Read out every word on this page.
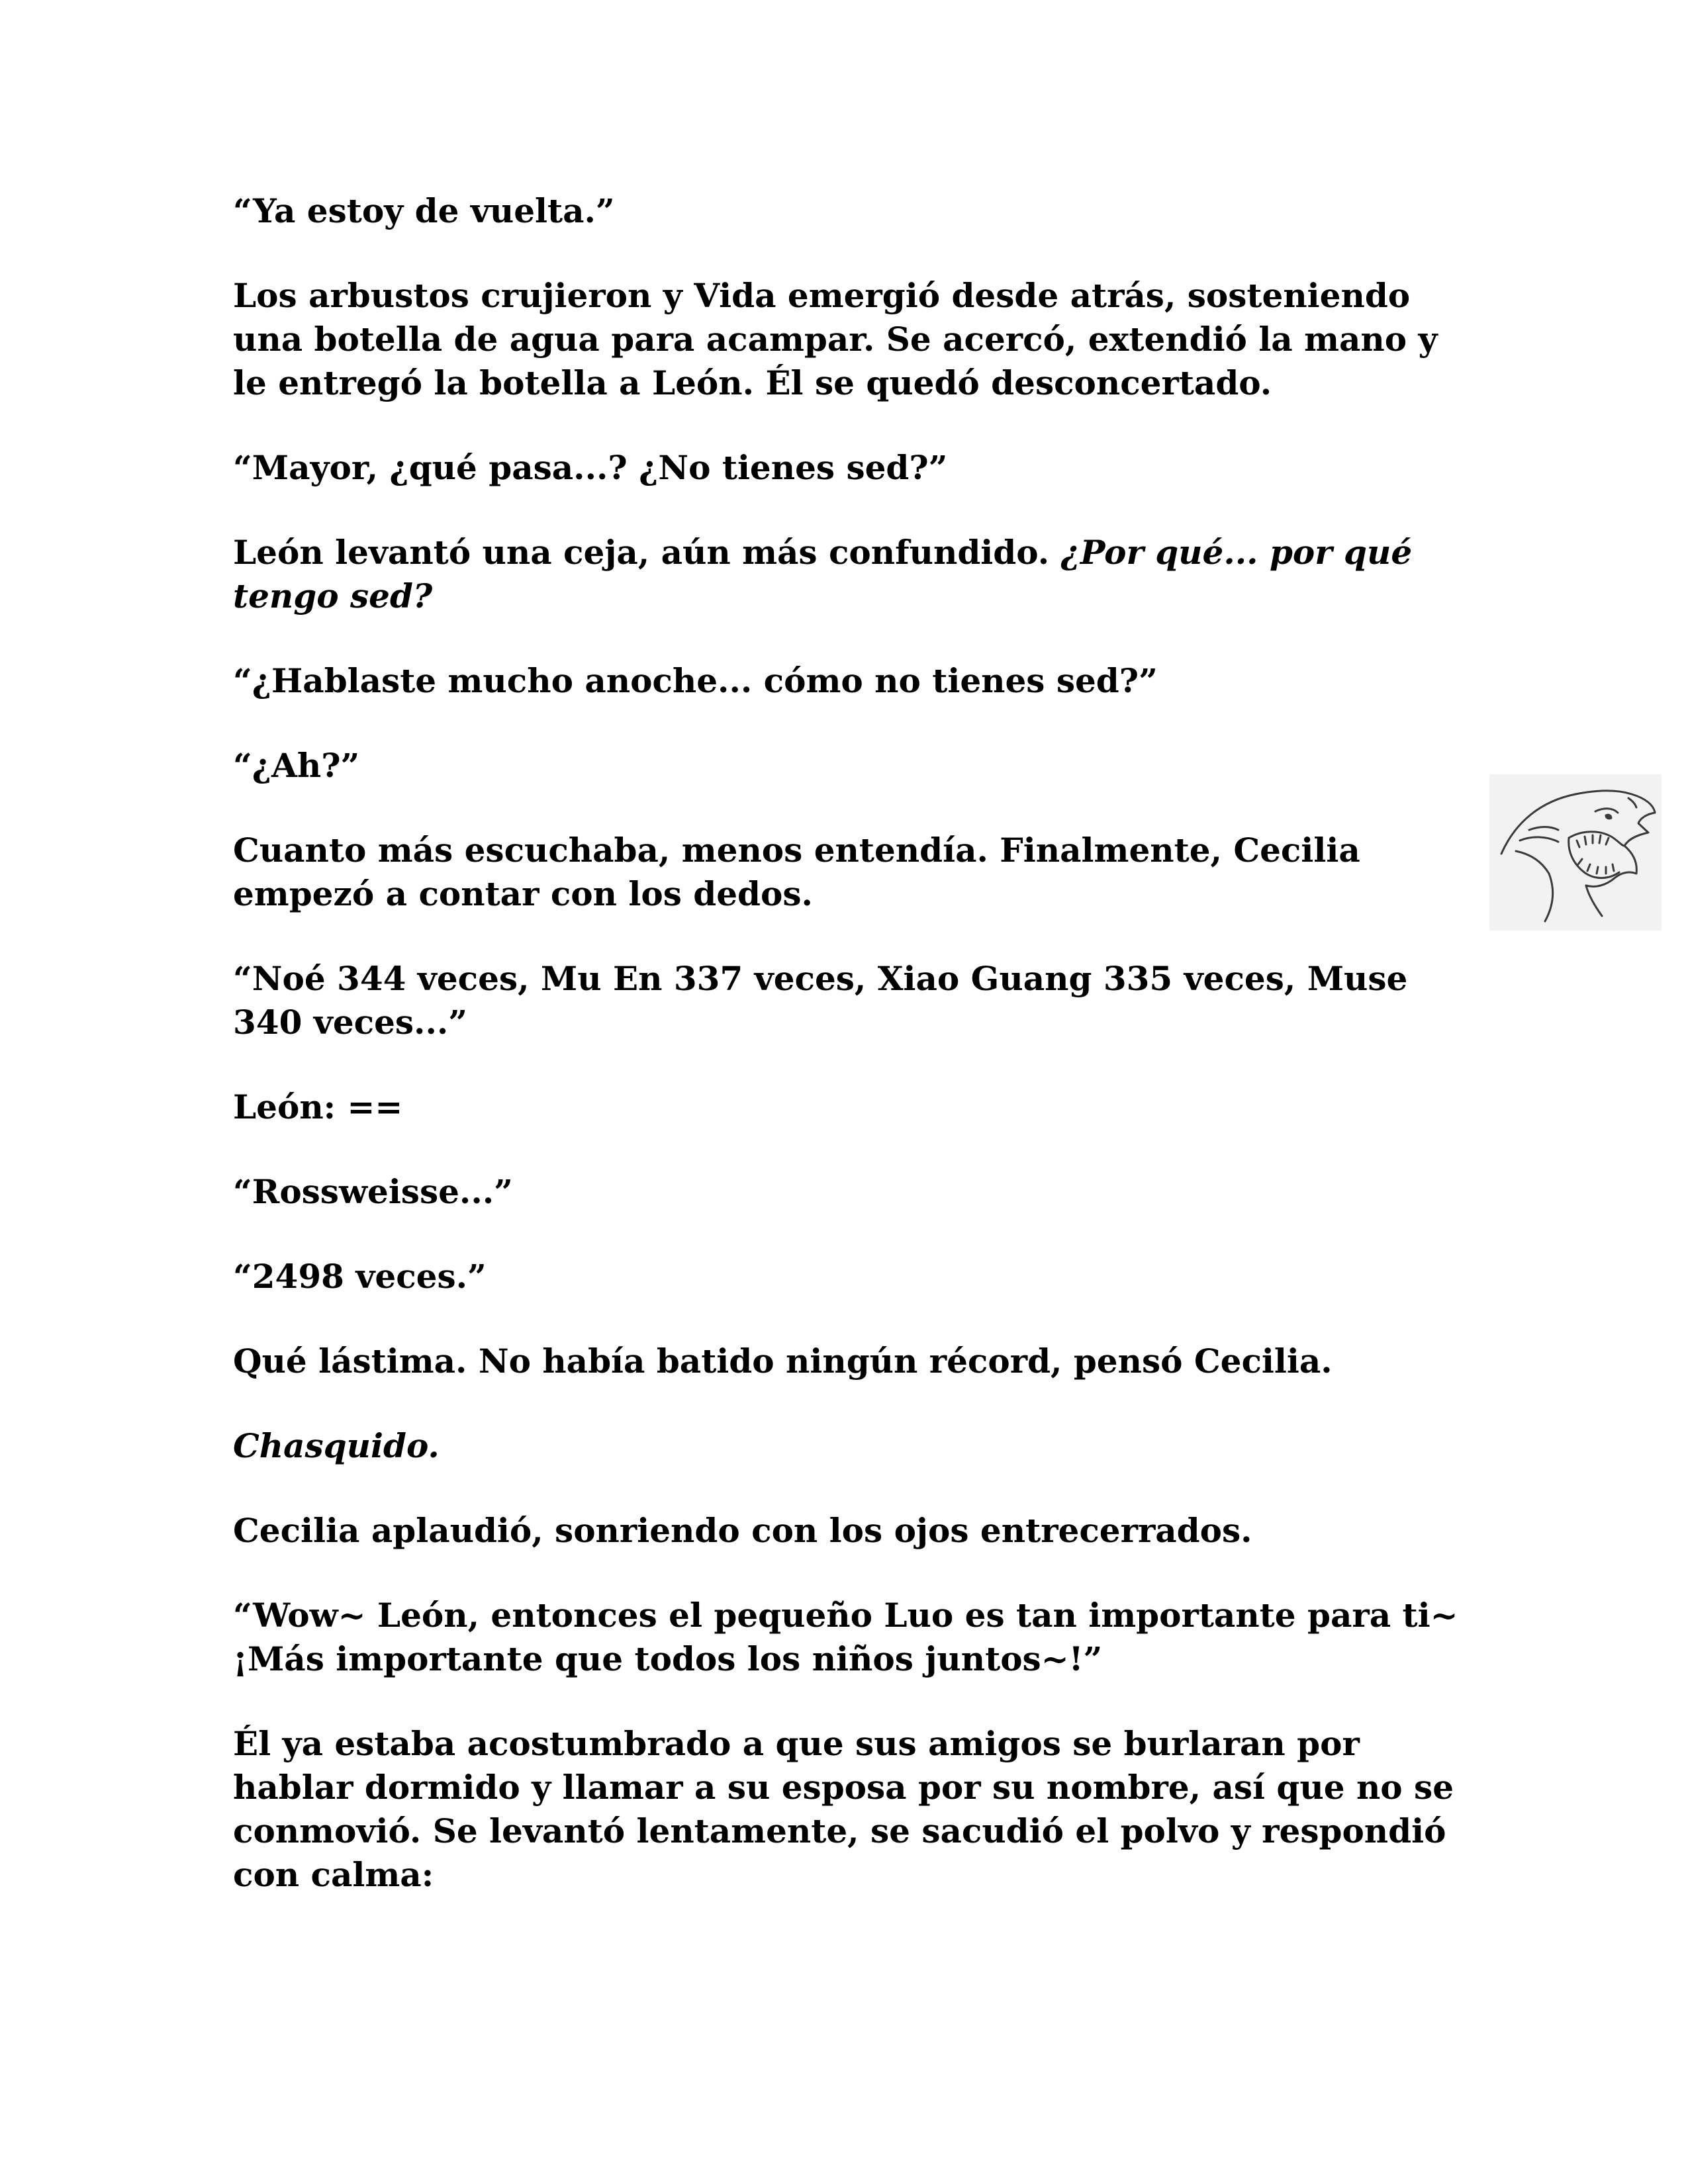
“Ya estoy de vuelta.”

Los arbustos crujieron y Vida emergió desde atrás, sosteniendo una botella de agua para acampar. Se acercó, extendió la mano y le entregó la botella a León. Él se quedó desconcertado.

“Mayor, ¿qué pasa...? ¿No tienes sed?”

León levantó una ceja, aún más confundido. ¿Por qué... por qué tengo sed?

“¿Hablaste mucho anoche... cómo no tienes sed?”

“¿Ah?”

Cuanto más escuchaba, menos entendía. Finalmente, Cecilia empezó a contar con los dedos.

“Noé 344 veces, Mu En 337 veces, Xiao Guang 335 veces, Muse 340 veces...”

León: ==

“Rossweisse...”

“2498 veces.”

Qué lástima. No había batido ningún récord, pensó Cecilia.

Chasquido.

Cecilia aplaudió, sonriendo con los ojos entrecerrados.

“Wow~ León, entonces el pequeño Luo es tan importante para ti~ ¡Más importante que todos los niños juntos~!”

Él ya estaba acostumbrado a que sus amigos se burlaran por hablar dormido y llamar a su esposa por su nombre, así que no se conmovió. Se levantó lentamente, se sacudió el polvo y respondió con calma:
